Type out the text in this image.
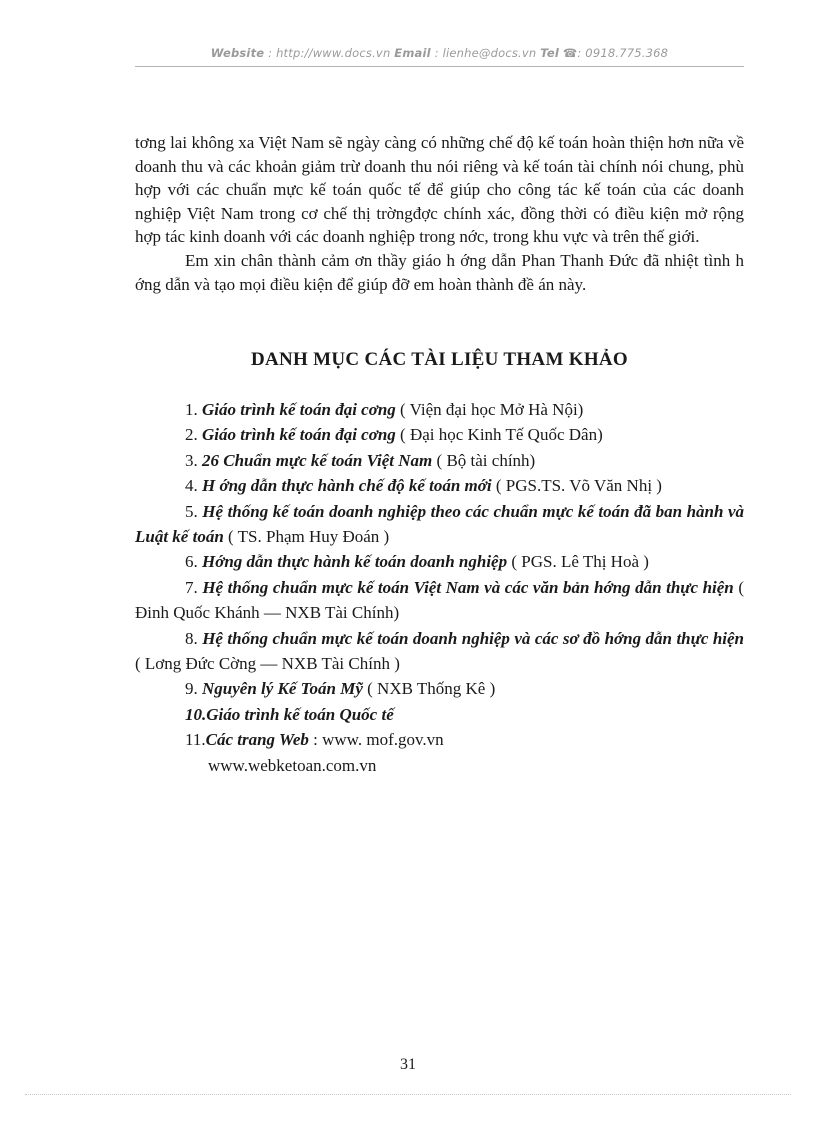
Website : http://www.docs.vn Email : lienhe@docs.vn Tel ☎: 0918.775.368

tơng lai không xa Việt Nam sẽ ngày càng có những chế độ kế toán hoàn thiện hơn nữa về doanh thu và các khoản giảm trừ doanh thu nói riêng và kế toán tài chính nói chung, phù hợp với các chuẩn mực kế toán quốc tế để giúp cho công tác kế toán của các doanh nghiệp Việt Nam trong cơ chế thị trờngđợc chính xác, đồng thời có điều kiện mở rộng hợp tác kinh doanh với các doanh nghiệp trong nớc, trong khu vực và trên thế giới.

Em xin chân thành cảm ơn thầy giáo h ớng dẫn Phan Thanh Đức đã nhiệt tình h ớng dẫn và tạo mọi điều kiện để giúp đỡ em hoàn thành đề án này.

DANH MỤC CÁC TÀI LIỆU THAM KHẢO

1. Giáo trình kế toán đại cơng ( Viện đại học Mở Hà Nội)

2. Giáo trình kế toán đại cơng ( Đại học Kinh Tế Quốc Dân)

3. 26 Chuẩn mực kế toán Việt Nam ( Bộ tài chính)

4. H ớng dẫn thực hành chế độ kế toán mới ( PGS.TS. Võ Văn Nhị )

5. Hệ thống kế toán doanh nghiệp theo các chuẩn mực kế toán đã ban hành và Luật kế toán ( TS. Phạm Huy Đoán )

6. Hớng dẫn thực hành kế toán doanh nghiệp ( PGS. Lê Thị Hoà )

7. Hệ thống chuẩn mực kế toán Việt Nam và các văn bản hớng dẫn thực hiện ( Đinh Quốc Khánh — NXB Tài Chính)

8. Hệ thống chuẩn mực kế toán doanh nghiệp và các sơ đồ hớng dẫn thực hiện ( Lơng Đức Cờng — NXB Tài Chính )

9. Nguyên lý Kế Toán Mỹ ( NXB Thống Kê )

10.Giáo trình kế toán Quốc tế

11.Các trang Web : www. mof.gov.vn

www.webketoan.com.vn

31
